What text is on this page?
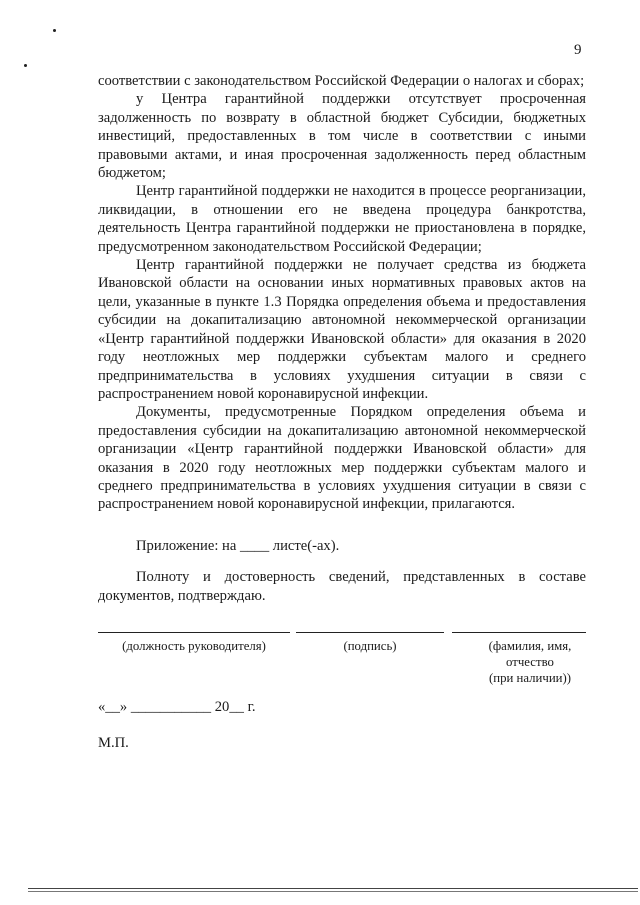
9

соответствии с законодательством Российской Федерации о налогах и сборах;

у Центра гарантийной поддержки отсутствует просроченная задолженность по возврату в областной бюджет Субсидии, бюджетных инвестиций, предоставленных в том числе в соответствии с иными правовыми актами, и иная просроченная задолженность перед областным бюджетом;

Центр гарантийной поддержки не находится в процессе реорганизации, ликвидации, в отношении его не введена процедура банкротства, деятельность Центра гарантийной поддержки не приостановлена в порядке, предусмотренном законодательством Российской Федерации;

Центр гарантийной поддержки не получает средства из бюджета Ивановской области на основании иных нормативных правовых актов на цели, указанные в пункте 1.3 Порядка определения объема и предоставления субсидии на докапитализацию автономной некоммерческой организации «Центр гарантийной поддержки Ивановской области» для оказания в 2020 году неотложных мер поддержки субъектам малого и среднего предпринимательства в условиях ухудшения ситуации в связи с распространением новой коронавирусной инфекции.

Документы, предусмотренные Порядком определения объема и предоставления субсидии на докапитализацию автономной некоммерческой организации «Центр гарантийной поддержки Ивановской области» для оказания в 2020 году неотложных мер поддержки субъектам малого и среднего предпринимательства в условиях ухудшения ситуации в связи с распространением новой коронавирусной инфекции, прилагаются.

Приложение: на ____ листе(-ах).
Полноту и достоверность сведений, представленных в составе документов, подтверждаю.
(должность руководителя)	(подпись)	(фамилия, имя,
отчество
(при наличии))
«__» ___________ 20__ г.
М.П.
